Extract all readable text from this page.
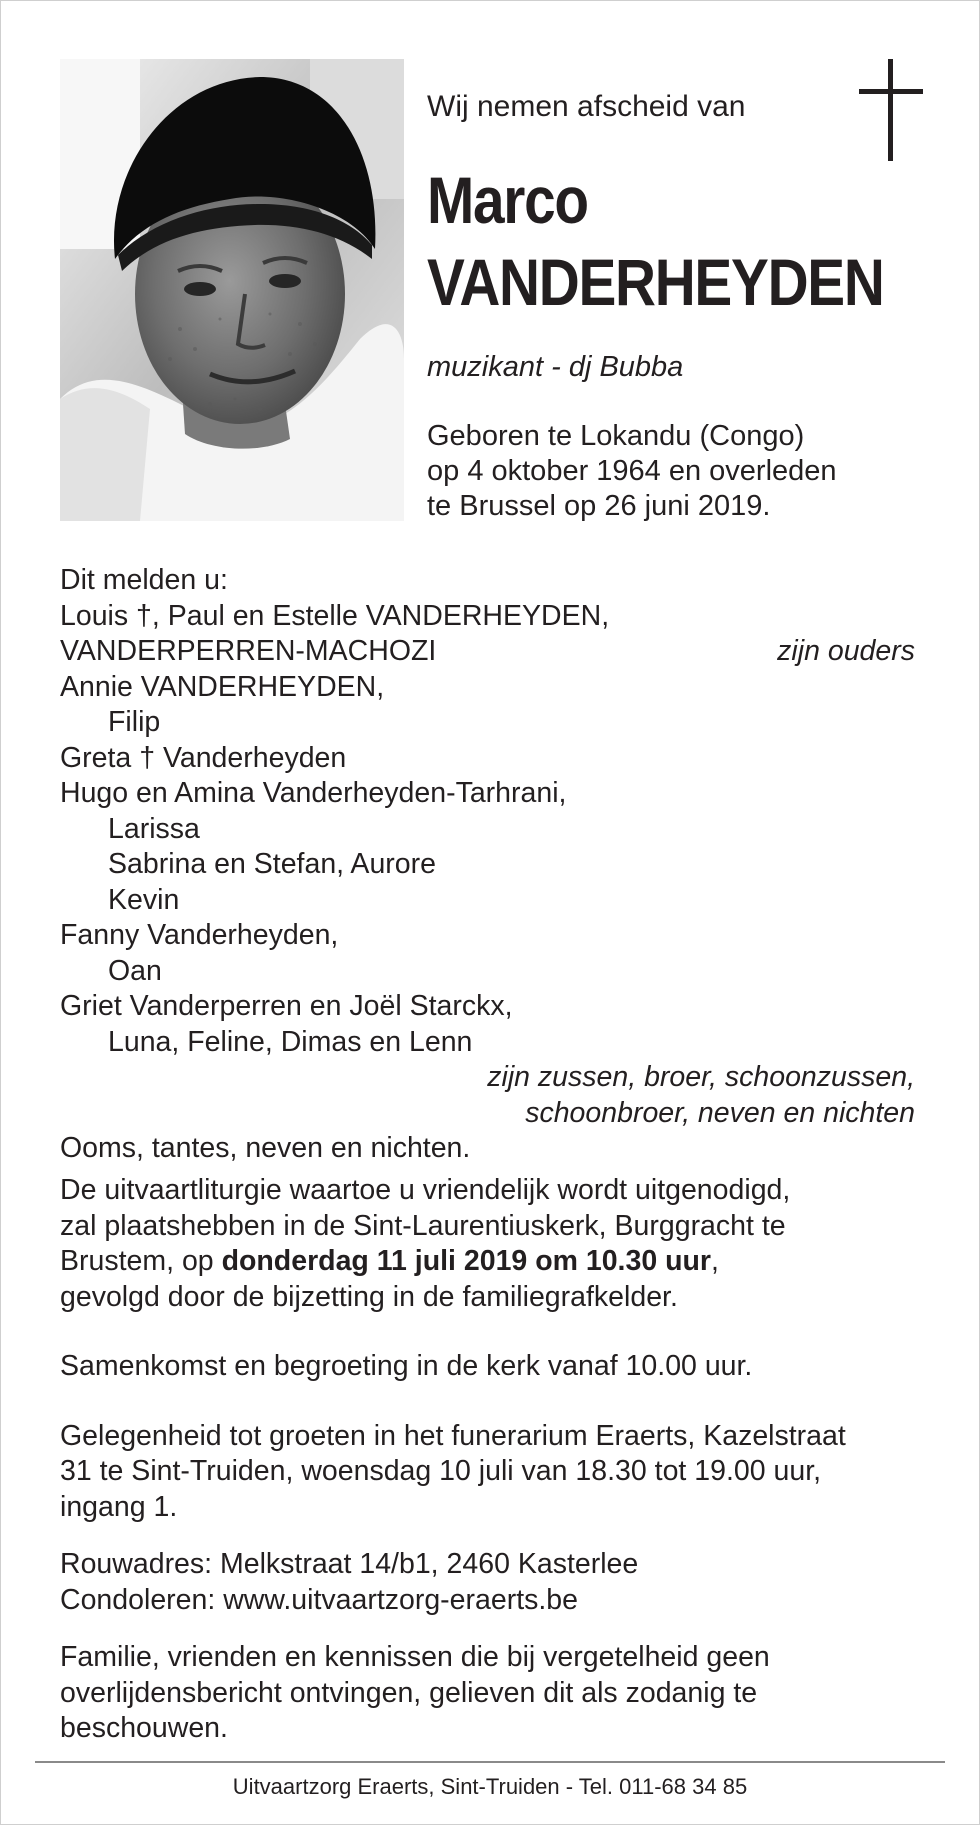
Wij nemen afscheid van
Marco
VANDERHEYDEN
muzikant - dj Bubba
Geboren te Lokandu (Congo)
op 4 oktober 1964 en overleden
te Brussel op 26 juni 2019.
Dit melden u:
Louis †, Paul en Estelle VANDERHEYDEN,
VANDERPERREN-MACHOZI	zijn ouders
Annie VANDERHEYDEN,
Filip
Greta † Vanderheyden
Hugo en Amina Vanderheyden-Tarhrani,
Larissa
Sabrina en Stefan, Aurore
Kevin
Fanny Vanderheyden,
Oan
Griet Vanderperren en Joël Starckx,
Luna, Feline, Dimas en Lenn
zijn zussen, broer, schoonzussen,
schoonbroer, neven en nichten
Ooms, tantes, neven en nichten.

De uitvaartliturgie waartoe u vriendelijk wordt uitgenodigd,

zal plaatshebben in de Sint-Laurentiuskerk, Burggracht te

Brustem, op donderdag 11 juli 2019 om 10.30 uur,

gevolgd door de bijzetting in de familiegrafkelder.

Samenkomst en begroeting in de kerk vanaf 10.00 uur.

Gelegenheid tot groeten in het funerarium Eraerts, Kazelstraat

31 te Sint-Truiden, woensdag 10 juli van 18.30 tot 19.00 uur,

ingang 1.

Rouwadres: Melkstraat 14/b1, 2460 Kasterlee

Condoleren: www.uitvaartzorg-eraerts.be

Familie, vrienden en kennissen die bij vergetelheid geen

overlijdensbericht ontvingen, gelieven dit als zodanig te

beschouwen.

Uitvaartzorg Eraerts, Sint-Truiden - Tel. 011-68 34 85
